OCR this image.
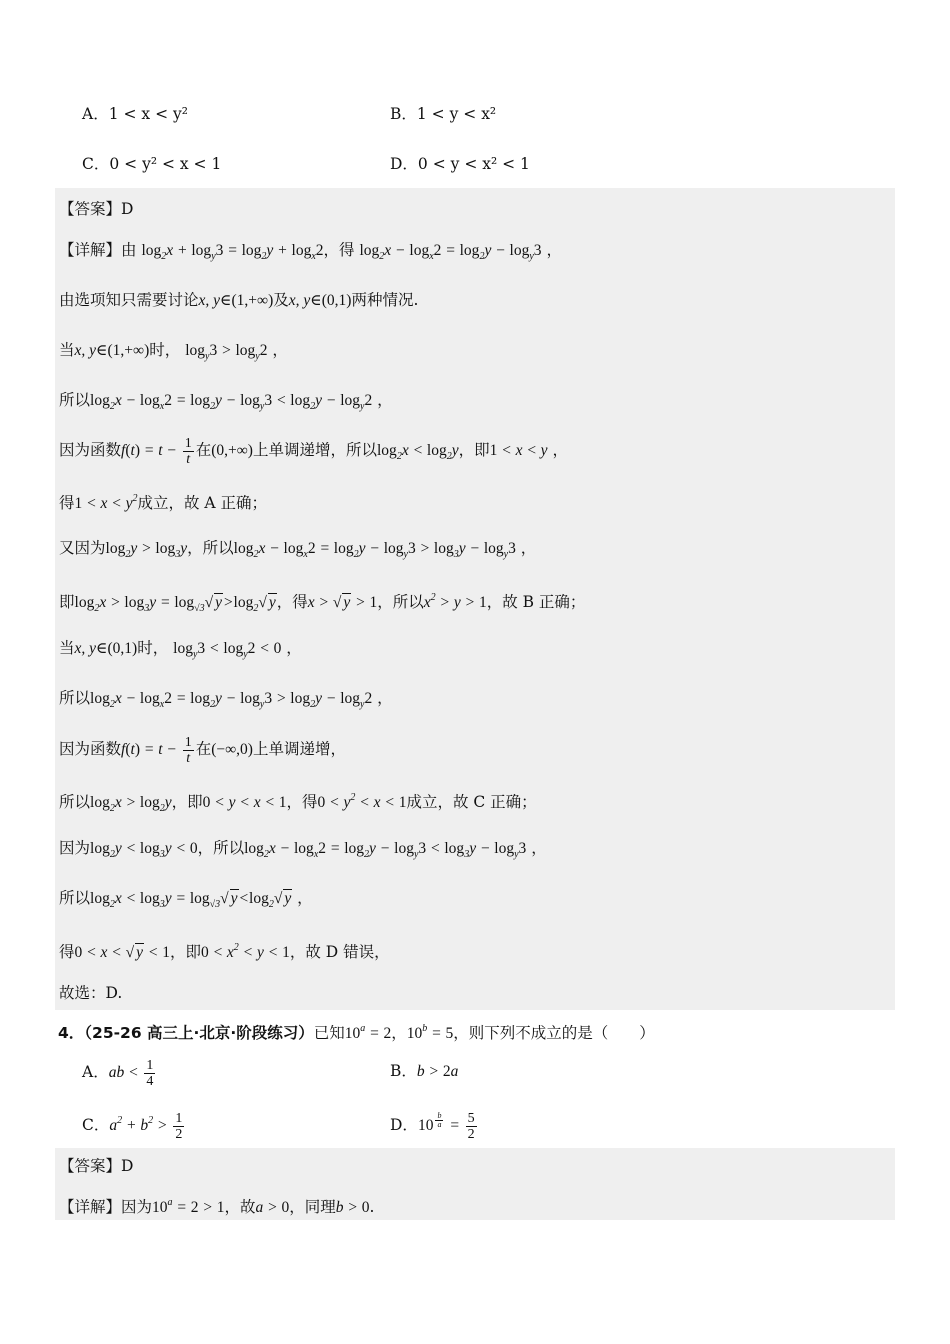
A．1 < x < y²	B．1 < y < x²
C．0 < y² < x < 1	D．0 < y < x² < 1
【答案】D
【详解】由 $\log_2x + \log_y3 = \log_2y + \log_x2$，得 $\log_2x - \log_x2 = \log_2y - \log_y3$ ，
由选项知只需要讨论x, y∈(1,+∞)及x, y∈(0,1)两种情况.
当x, y∈(1,+∞)时， $\log_y3 > \log_y2$ ，
所以$\log_2x - \log_x2 = \log_2y - \log_y3 < \log_2y - \log_y2$ ，
因为函数$f(t) = t - \frac{1}{t}$ 在(0,+∞)上单调递增，所以$\log_2x < \log_2y$，即1 < x < y ，
得$1 < x < y^2$成立，故 A 正确；
又因为$\log_2y > \log_3y$，所以$\log_2x - \log_x2 = \log_2y - \log_y3 > \log_3y - \log_y3$ ，
即$\log_2x > \log_3y = \log_{√3}√$ $y>\log_2√$ y，得x > √ y > 1，所以$x^2 > y > 1$，故 B 正确；
当x, y∈(0,1)时， $\log_y3 < \log_y2 < 0$ ，
所以$\log_2x - \log_x2 = \log_2y - \log_y3 > \log_2y - \log_y2$ ，
因为函数$f(t) = t - \frac{1}{t}$ 在(−∞,0)上单调递增，
所以$\log_2x > \log_2y$，即0 < y < x < 1，得$0 < y^2 < x < 1$成立，故 C 正确；
因为$\log_2y < \log_3y < 0$，所以$\log_2x - \log_x2 = \log_2y - \log_y3 < \log_3y - \log_y3$ ，
所以$\log_2x < \log_3y = \log_{√3}√$ $y<\log_2√$ y ，
得0 < x < √ y < 1，即$0 < x^2 < y < 1$，故 D 错误，
故选：D.
4．（25-26 高三上·北京·阶段练习）已知$10^a = 2$，$10^b = 5$，则下列不成立的是（　　）
A．ab < $\frac{1}{4}$	B．b > 2a
C．$a^2 + b^2 > \frac{1}{2}$	D．10 $^{\frac{b}{a}} = \frac{5}{2}$
【答案】D
【详解】因为$10^a = 2 > 1$，故a > 0，同理b > 0.
